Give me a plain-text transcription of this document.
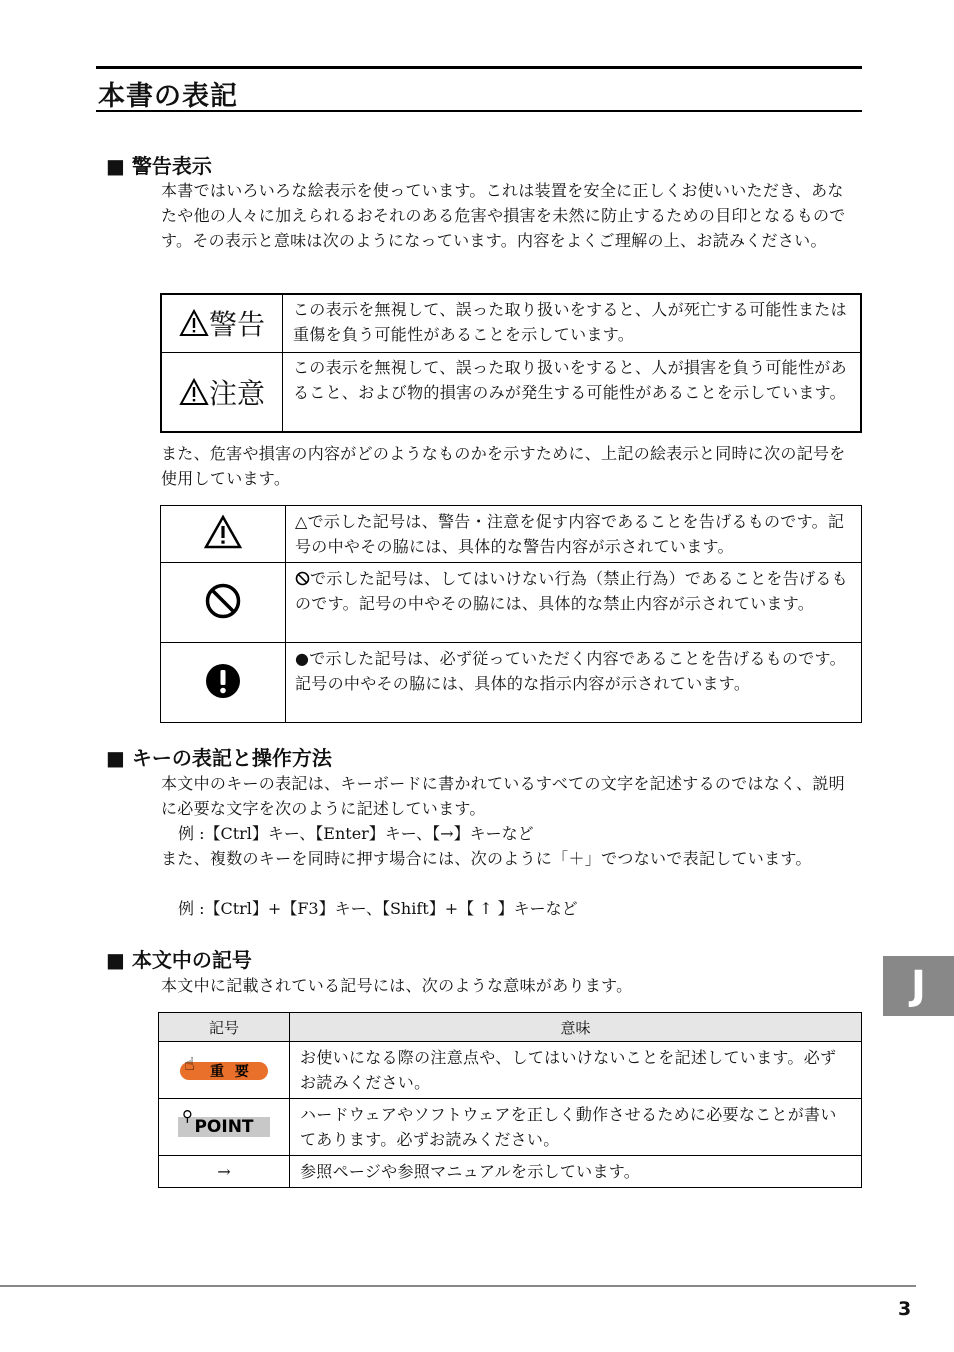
本書の表記
■ 警告表示

本書ではいろいろな絵表示を使っています。これは装置を安全に正しくお使いいただき、あなたや他の人々に加えられるおそれのある危害や損害を未然に防止するための目印となるものです。その表示と意味は次のようになっています。内容をよくご理解の上、お読みください。

警告	この表示を無視して、誤った取り扱いをすると、人が死亡する可能性または重傷を負う可能性があることを示しています。
注意	この表示を無視して、誤った取り扱いをすると、人が損害を負う可能性があること、および物的損害のみが発生する可能性があることを示しています。

また、危害や損害の内容がどのようなものかを示すために、上記の絵表示と同時に次の記号を使用しています。

	△で示した記号は、警告・注意を促す内容であることを告げるものです。記号の中やその脇には、具体的な警告内容が示されています。
	で示した記号は、してはいけない行為（禁止行為）であることを告げるものです。記号の中やその脇には、具体的な禁止内容が示されています。
	●で示した記号は、必ず従っていただく内容であることを告げるものです。記号の中やその脇には、具体的な指示内容が示されています。
■ キーの表記と操作方法

本文中のキーの表記は、キーボードに書かれているすべての文字を記述するのではなく、説明に必要な文字を次のように記述しています。

例 :【Ctrl】キー、【Enter】キー、【→】キーなど

また、複数のキーを同時に押す場合には、次のように「＋」でつないで表記しています。

例 :【Ctrl】+【F3】キー、【Shift】+【 ↑ 】キーなど

■ 本文中の記号

本文中に記載されている記号には、次のような意味があります。

記号	意味

☝ 重 要	お使いになる際の注意点や、してはいけないことを記述しています。必ずお読みください。

⚲
POINT	ハードウェアやソフトウェアを正しく動作させるために必要なことが書いてあります。必ずお読みください。
→	参照ページや参照マニュアルを示しています。
J
3
